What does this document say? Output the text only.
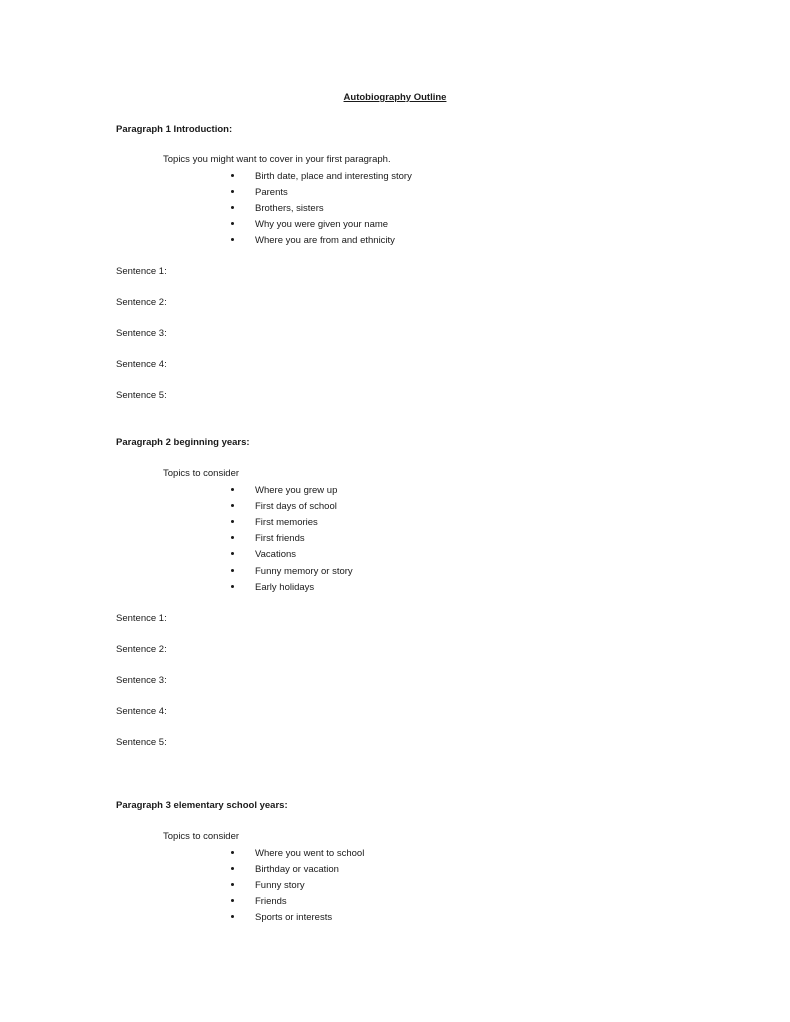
Autobiography Outline
Paragraph 1 Introduction:
Topics you might want to cover in your first paragraph.
Birth date, place and interesting story
Parents
Brothers, sisters
Why you were given your name
Where you are from and ethnicity
Sentence 1:
Sentence 2:
Sentence 3:
Sentence 4:
Sentence 5:
Paragraph 2 beginning years:
Topics to consider
Where you grew up
First days of school
First memories
First friends
Vacations
Funny memory or story
Early holidays
Sentence 1:
Sentence 2:
Sentence 3:
Sentence 4:
Sentence 5:
Paragraph 3 elementary school years:
Topics to consider
Where you went to school
Birthday or vacation
Funny story
Friends
Sports or interests
